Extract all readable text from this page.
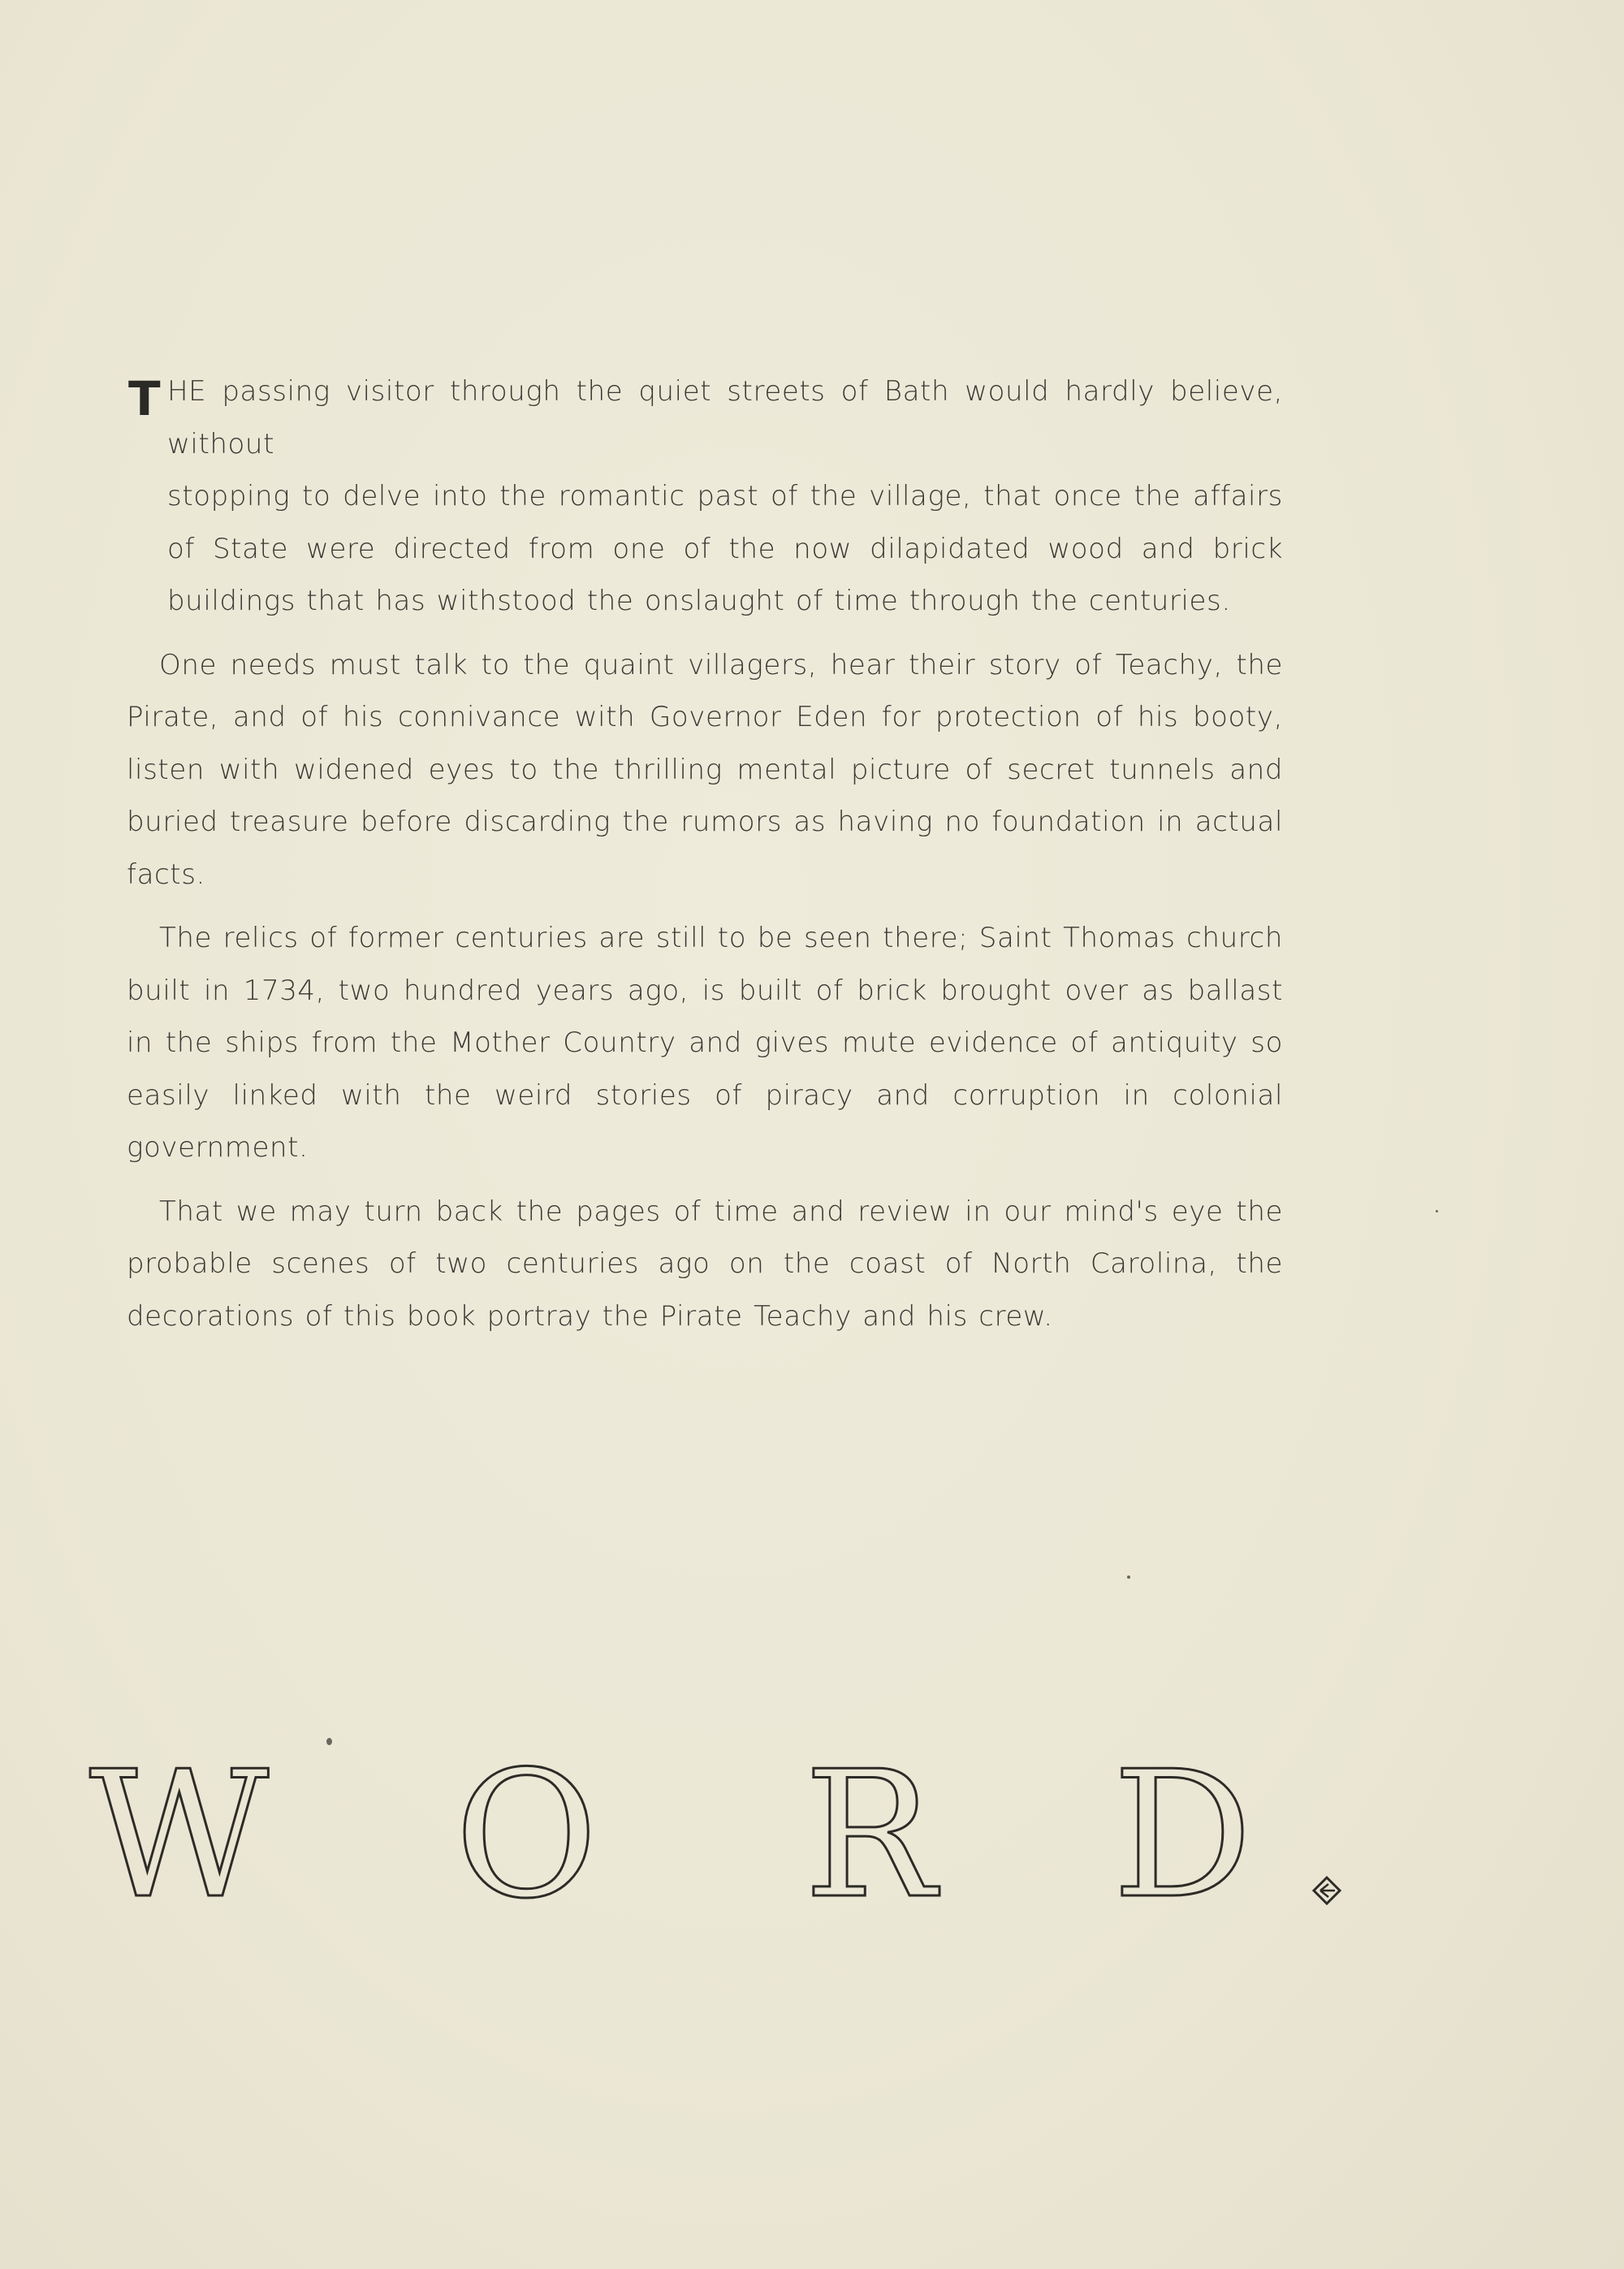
T HE passing visitor through the quiet streets of Bath would hardly believe, without

stopping to delve into the romantic past of the village, that once the affairs of State were directed from one of the now dilapidated wood and brick buildings that has withstood the onslaught of time through the centuries.

One needs must talk to the quaint villagers, hear their story of Teachy, the Pirate, and of his connivance with Governor Eden for protection of his booty, listen with widened eyes to the thrilling mental picture of secret tunnels and buried treasure before discarding the rumors as having no foundation in actual facts.

The relics of former centuries are still to be seen there; Saint Thomas church built in 1734, two hundred years ago, is built of brick brought over as ballast in the ships from the Mother Country and gives mute evidence of antiquity so easily linked with the weird stories of piracy and corruption in colonial government.

That we may turn back the pages of time and review in our mind's eye the probable scenes of two centuries ago on the coast of North Carolina, the decorations of this book portray the Pirate Teachy and his crew.

W O R D
